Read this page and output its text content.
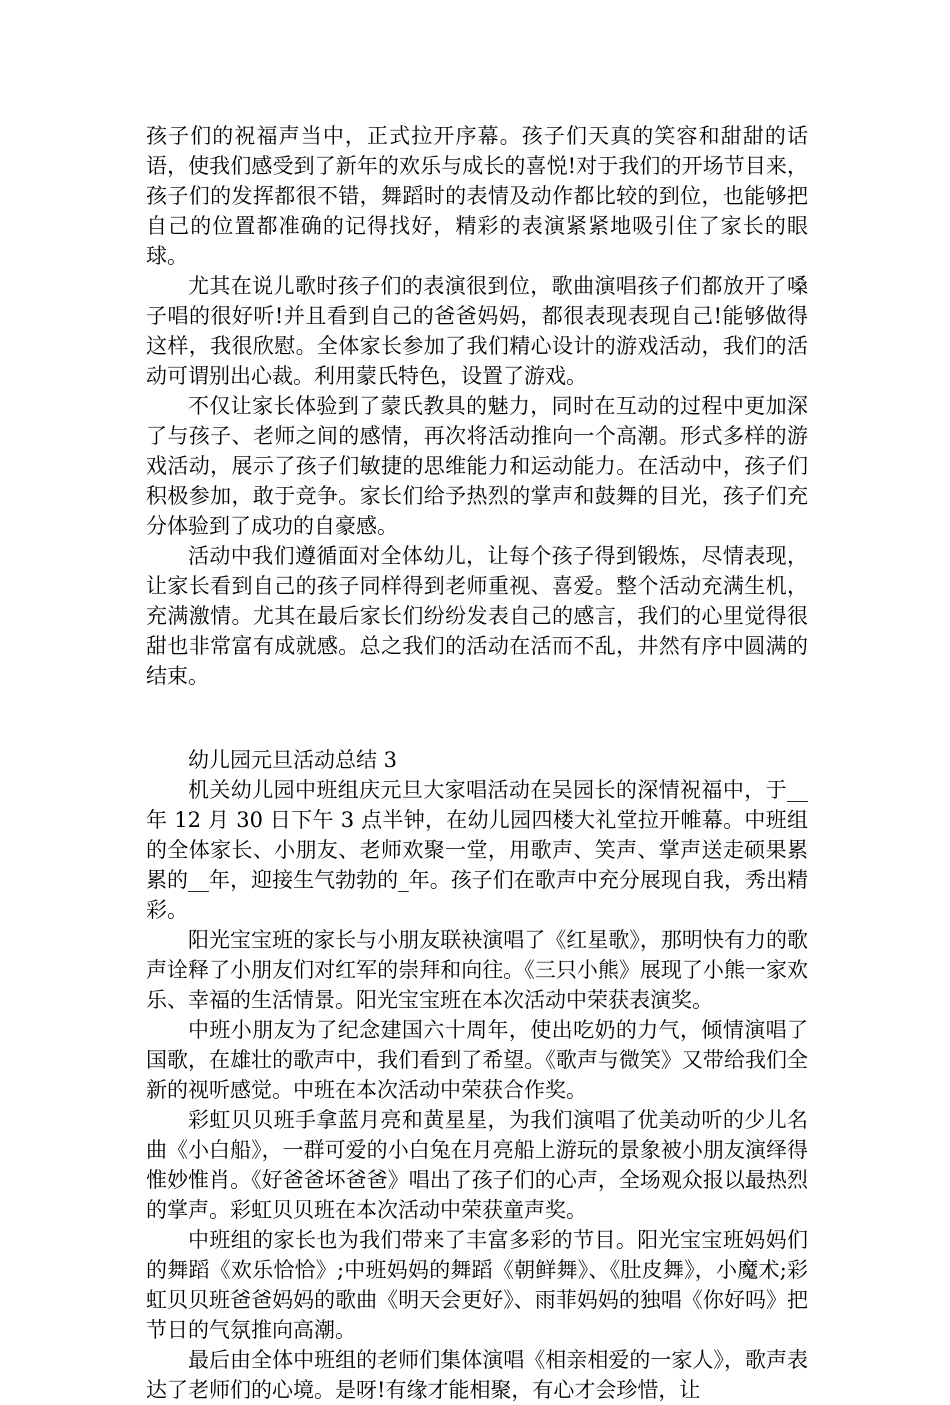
孩子们的祝福声当中，正式拉开序幕。孩子们天真的笑容和甜甜的话语，使我们感受到了新年的欢乐与成长的喜悦!对于我们的开场节目来，孩子们的发挥都很不错，舞蹈时的表情及动作都比较的到位，也能够把自己的位置都准确的记得找好，精彩的表演紧紧地吸引住了家长的眼球。

尤其在说儿歌时孩子们的表演很到位，歌曲演唱孩子们都放开了嗓子唱的很好听!并且看到自己的爸爸妈妈，都很表现表现自己!能够做得这样，我很欣慰。全体家长参加了我们精心设计的游戏活动，我们的活动可谓别出心裁。利用蒙氏特色，设置了游戏。

不仅让家长体验到了蒙氏教具的魅力，同时在互动的过程中更加深了与孩子、老师之间的感情，再次将活动推向一个高潮。形式多样的游戏活动，展示了孩子们敏捷的思维能力和运动能力。在活动中，孩子们积极参加，敢于竞争。家长们给予热烈的掌声和鼓舞的目光，孩子们充分体验到了成功的自豪感。

活动中我们遵循面对全体幼儿，让每个孩子得到锻炼，尽情表现，让家长看到自己的孩子同样得到老师重视、喜爱。整个活动充满生机，充满激情。尤其在最后家长们纷纷发表自己的感言，我们的心里觉得很甜也非常富有成就感。总之我们的活动在活而不乱，井然有序中圆满的结束。

幼儿园元旦活动总结 3

机关幼儿园中班组庆元旦大家唱活动在吴园长的深情祝福中，于__年 12 月 30 日下午 3 点半钟，在幼儿园四楼大礼堂拉开帷幕。中班组的全体家长、小朋友、老师欢聚一堂，用歌声、笑声、掌声送走硕果累累的__年，迎接生气勃勃的_年。孩子们在歌声中充分展现自我，秀出精彩。

阳光宝宝班的家长与小朋友联袂演唱了《红星歌》，那明快有力的歌声诠释了小朋友们对红军的崇拜和向往。《三只小熊》展现了小熊一家欢乐、幸福的生活情景。阳光宝宝班在本次活动中荣获表演奖。

中班小朋友为了纪念建国六十周年，使出吃奶的力气，倾情演唱了国歌，在雄壮的歌声中，我们看到了希望。《歌声与微笑》又带给我们全新的视听感觉。中班在本次活动中荣获合作奖。

彩虹贝贝班手拿蓝月亮和黄星星，为我们演唱了优美动听的少儿名曲《小白船》，一群可爱的小白兔在月亮船上游玩的景象被小朋友演绎得惟妙惟肖。《好爸爸坏爸爸》唱出了孩子们的心声，全场观众报以最热烈的掌声。彩虹贝贝班在本次活动中荣获童声奖。

中班组的家长也为我们带来了丰富多彩的节目。阳光宝宝班妈妈们的舞蹈《欢乐恰恰》;中班妈妈的舞蹈《朝鲜舞》、《肚皮舞》，小魔术;彩虹贝贝班爸爸妈妈的歌曲《明天会更好》、雨菲妈妈的独唱《你好吗》把节日的气氛推向高潮。

最后由全体中班组的老师们集体演唱《相亲相爱的一家人》，歌声表达了老师们的心境。是呀!有缘才能相聚，有心才会珍惜，让
